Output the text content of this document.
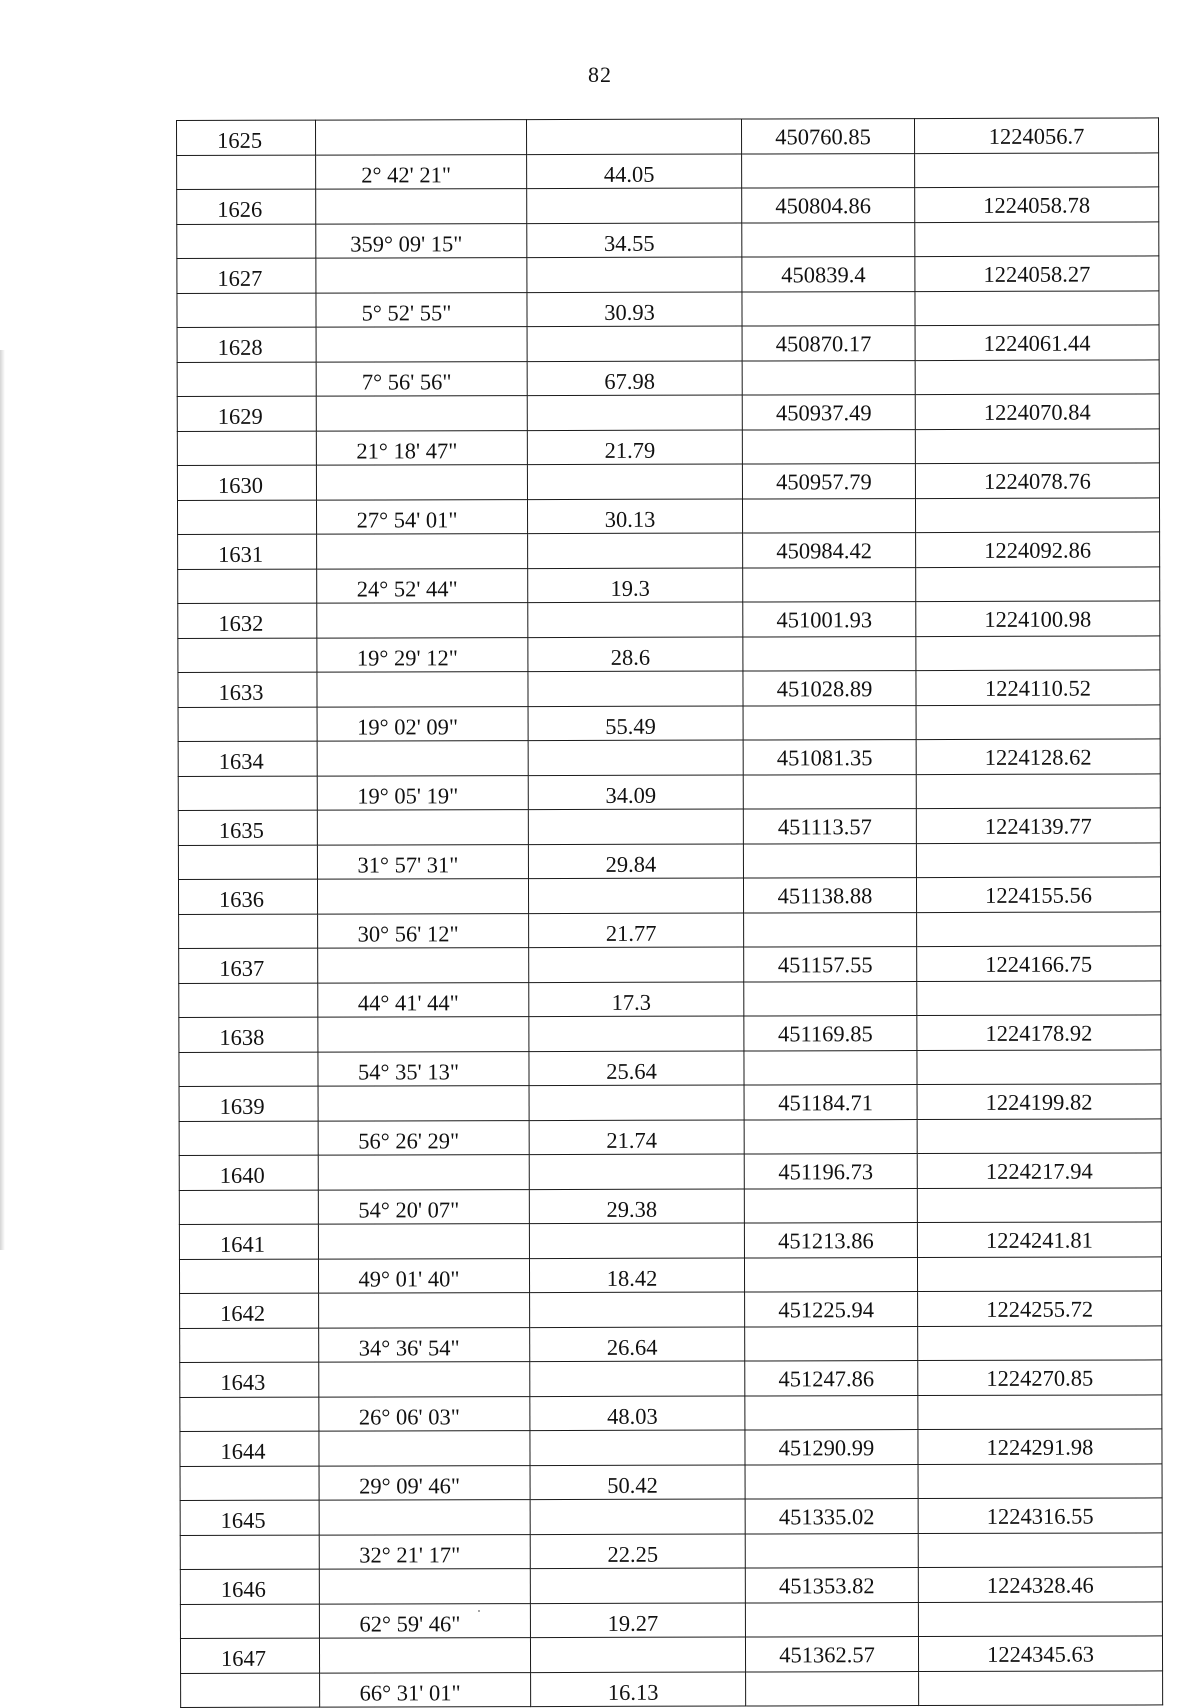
82
1625			450760.85	1224056.7
	2° 42' 21"	44.05		
1626			450804.86	1224058.78
	359° 09' 15"	34.55		
1627			450839.4	1224058.27
	5° 52' 55"	30.93		
1628			450870.17	1224061.44
	7° 56' 56"	67.98		
1629			450937.49	1224070.84
	21° 18' 47"	21.79		
1630			450957.79	1224078.76
	27° 54' 01"	30.13		
1631			450984.42	1224092.86
	24° 52' 44"	19.3		
1632			451001.93	1224100.98
	19° 29' 12"	28.6		
1633			451028.89	1224110.52
	19° 02' 09"	55.49		
1634			451081.35	1224128.62
	19° 05' 19"	34.09		
1635			451113.57	1224139.77
	31° 57' 31"	29.84		
1636			451138.88	1224155.56
	30° 56' 12"	21.77		
1637			451157.55	1224166.75
	44° 41' 44"	17.3		
1638			451169.85	1224178.92
	54° 35' 13"	25.64		
1639			451184.71	1224199.82
	56° 26' 29"	21.74		
1640			451196.73	1224217.94
	54° 20' 07"	29.38		
1641			451213.86	1224241.81
	49° 01' 40"	18.42		
1642			451225.94	1224255.72
	34° 36' 54"	26.64		
1643			451247.86	1224270.85
	26° 06' 03"	48.03		
1644			451290.99	1224291.98
	29° 09' 46"	50.42		
1645			451335.02	1224316.55
	32° 21' 17"	22.25		
1646			451353.82	1224328.46
	62° 59' 46"	19.27		
1647			451362.57	1224345.63
	66° 31' 01"	16.13		
